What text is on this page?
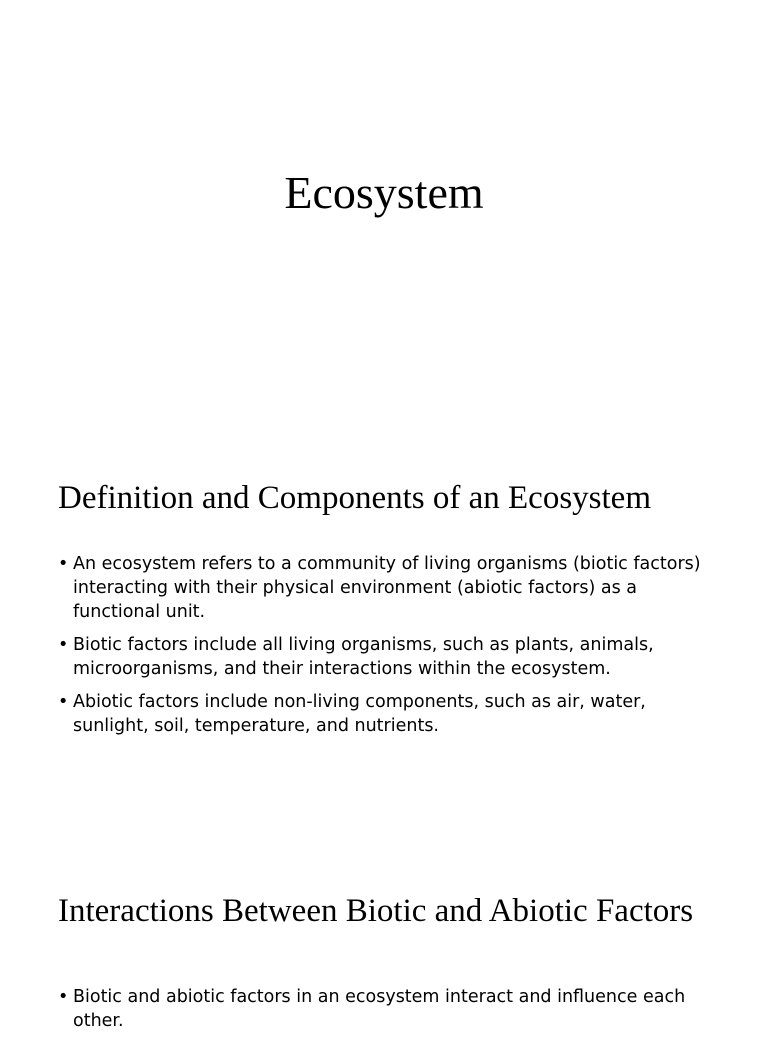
Ecosystem
Definition and Components of an Ecosystem
• An ecosystem refers to a community of living organisms (biotic factors) interacting with their physical environment (abiotic factors) as a functional unit.
• Biotic factors include all living organisms, such as plants, animals, microorganisms, and their interactions within the ecosystem.
• Abiotic factors include non-living components, such as air, water, sunlight, soil, temperature, and nutrients.
Interactions Between Biotic and Abiotic Factors
• Biotic and abiotic factors in an ecosystem interact and influence each other.
